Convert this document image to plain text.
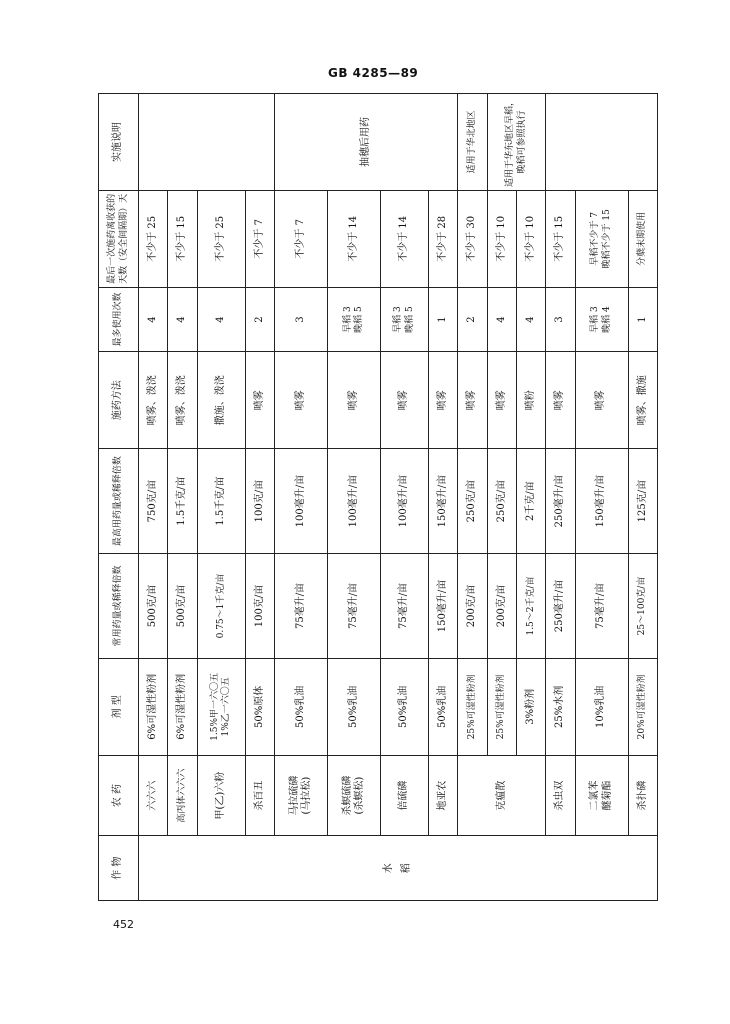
GB 4285—89
作 物	农 药	剂 型	常用药量或稀释倍数	最高用药量或稀释倍数	施药方法	最多使用次数	最后一次施药离收获的天数（安全间隔期）天	实施说明

水 稻	六六六	6%可湿性粉剂	500克/亩	750克/亩	喷雾、泼浇	4	不少于 25	
	高丙体六六六	6%可湿性粉剂	500克/亩	1.5千克/亩	喷雾、泼浇	4	不少于 15	
	甲(乙)六粉	1.5%甲一六〇五 1%乙一六〇五	0.75～1千克/亩	1.5千克/亩	撒施、泼浇	4	不少于 25	
	杀百丑	50%原体	100克/亩	100克/亩	喷雾	2	不少于 7	

	马拉硫磷 (马拉松)	50%乳油	75毫升/亩	100毫升/亩	喷雾	3	不少于 7	抽穗后用药

	杀螟硫磷 (杀螟松)	50%乳油	75毫升/亩	100毫升/亩	喷雾	早稻 3 晚稻 5	不少于 14	
	倍硫磷	50%乳油	75毫升/亩	100毫升/亩	喷雾	早稻 3 晚稻 5	不少于 14	
	地亚农	50%乳油	150毫升/亩	150毫升/亩	喷雾	1	不少于 28	
	克瘟散	25%可湿性粉剂	200克/亩	250克/亩	喷雾	2	不少于 30	适用于华北地区
		25%可湿性粉剂	200克/亩	250克/亩	喷雾	4	不少于 10	适用于华东地区早稻，晚稻可参照执行
		3%粉剂	1.5～2千克/亩	2千克/亩	喷粉	4	不少于 10	
	杀虫双	25%水剂	250毫升/亩	250毫升/亩	喷雾	3	不少于 15	

	二氯苯 醚菊酯	10%乳油	75毫升/亩	150毫升/亩	喷雾	早稻 3 晚稻 4	早稻不少于 7 晚稻不少于 15	

	杀扑磷	20%可湿性粉剂	25～100克/亩	125克/亩	喷雾、撒施	1	分蘖末期使用	
452
